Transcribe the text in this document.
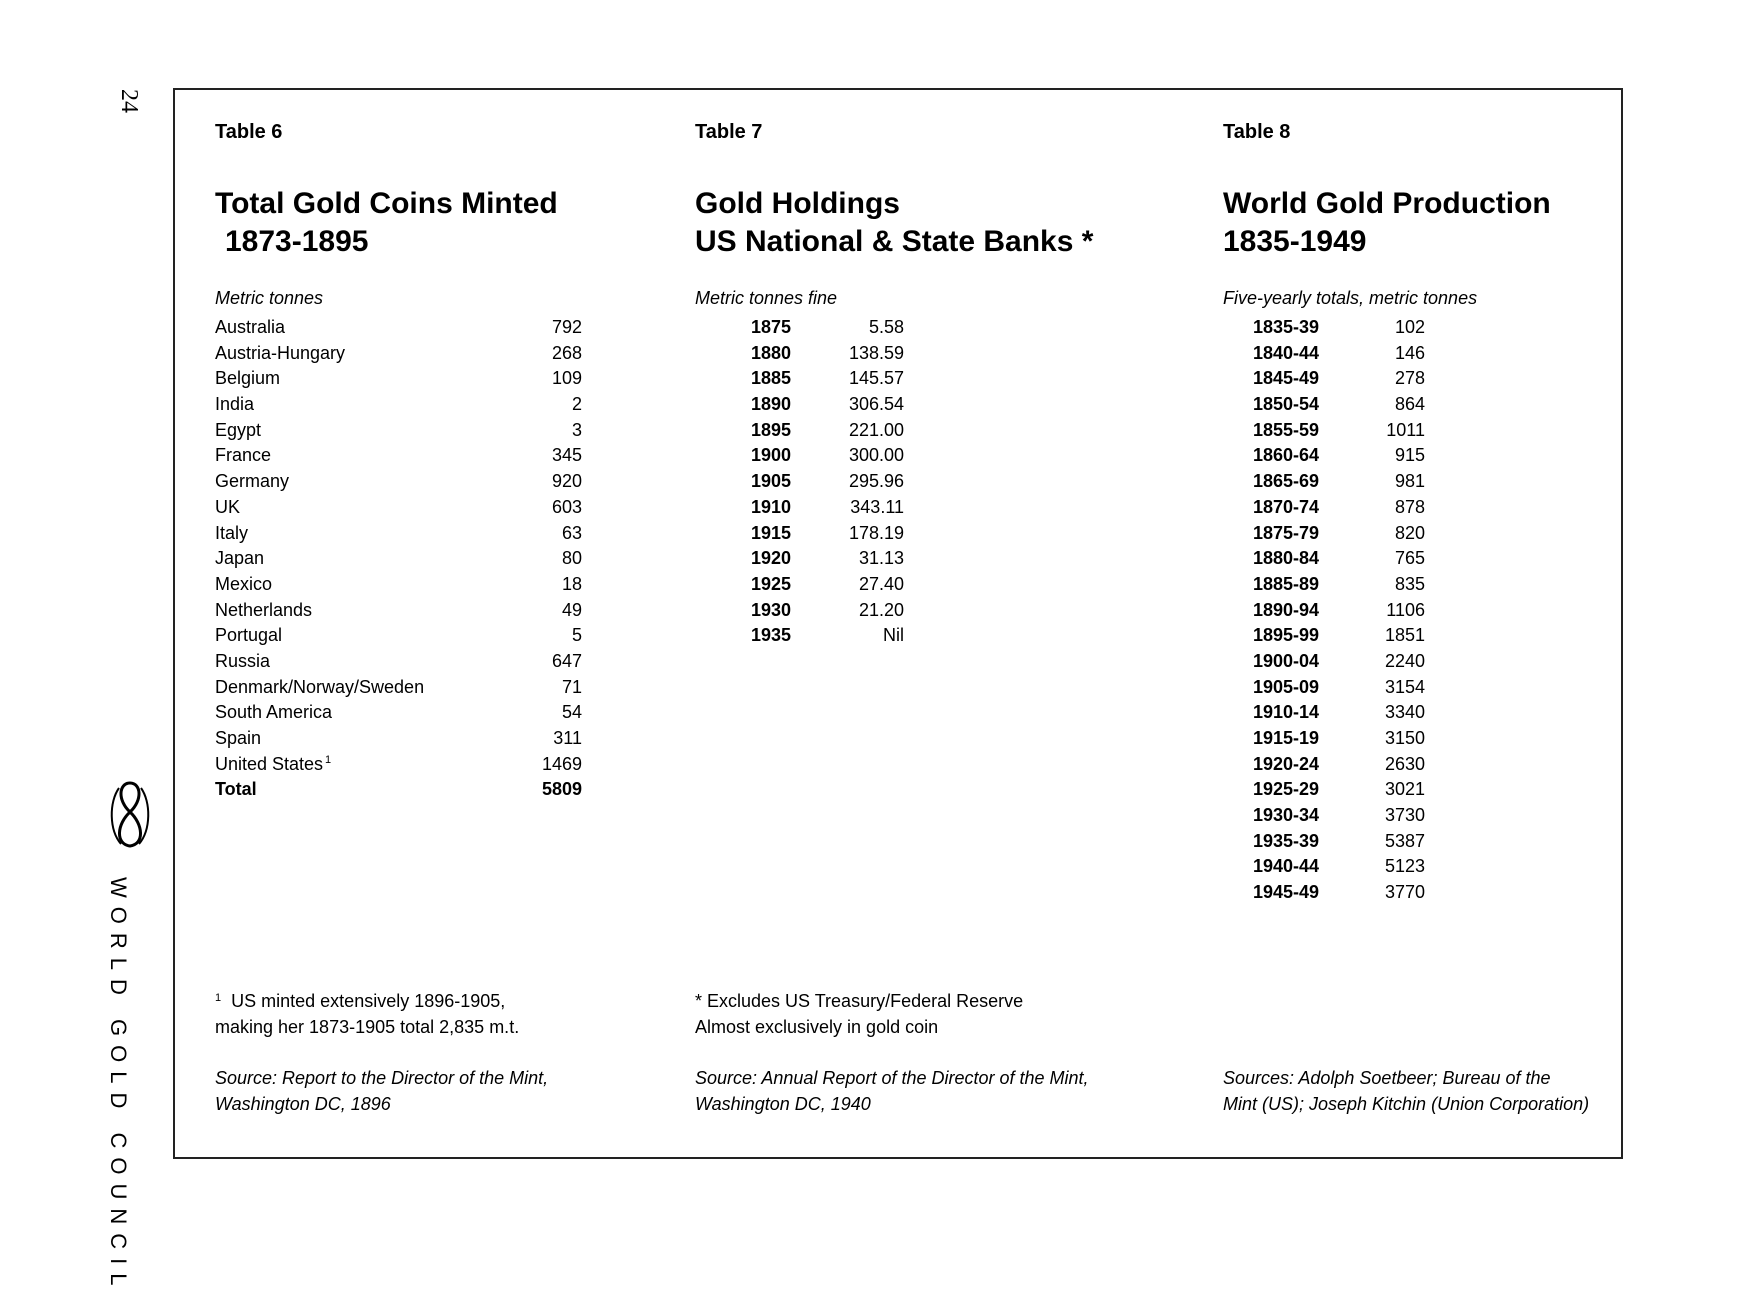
24
WORLD GOLD COUNCIL
Table 6
Total Gold Coins Minted
1873-1895
Metric tonnes
Australia	792
Austria-Hungary	268
Belgium	109
India	2
Egypt	3
France	345
Germany	920
UK	603
Italy	63
Japan	80
Mexico	18
Netherlands	49
Portugal	5
Russia	647
Denmark/Norway/Sweden	71
South America	54
Spain	311
United States 1	1469
Total	5809
$^1$ US minted extensively 1896-1905,
making her 1873-1905 total 2,835 m.t.
Source: Report to the Director of the Mint,
Washington DC, 1896
Table 7
Gold Holdings
US National & State Banks *
Metric tonnes fine
1875	5.58
1880	138.59
1885	145.57
1890	306.54
1895	221.00
1900	300.00
1905	295.96
1910	343.11
1915	178.19
1920	31.13
1925	27.40
1930	21.20
1935	Nil
* Excludes US Treasury/Federal Reserve
Almost exclusively in gold coin
Source: Annual Report of the Director of the Mint,
Washington DC, 1940
Table 8
World Gold Production
1835-1949
Five-yearly totals, metric tonnes
1835-39	102
1840-44	146
1845-49	278
1850-54	864
1855-59	1011
1860-64	915
1865-69	981
1870-74	878
1875-79	820
1880-84	765
1885-89	835
1890-94	1106
1895-99	1851
1900-04	2240
1905-09	3154
1910-14	3340
1915-19	3150
1920-24	2630
1925-29	3021
1930-34	3730
1935-39	5387
1940-44	5123
1945-49	3770
Sources: Adolph Soetbeer; Bureau of the
Mint (US); Joseph Kitchin (Union Corporation)
